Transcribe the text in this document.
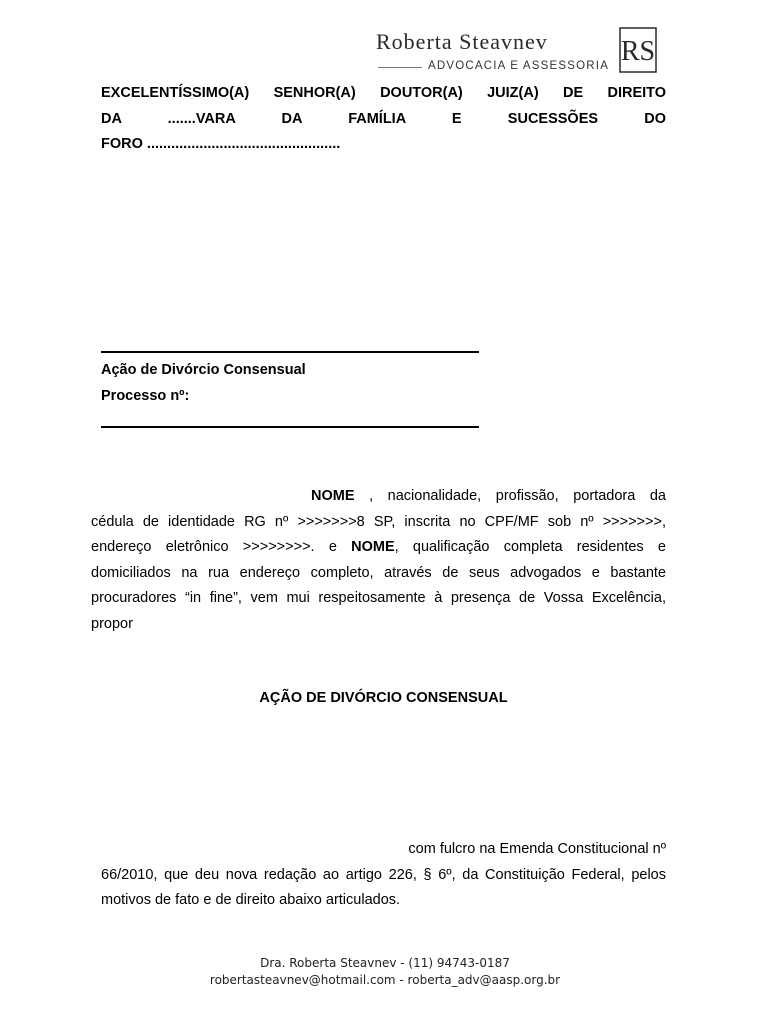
Roberta Steavnev
ADVOCACIA E ASSESSORIA RS
EXCELENTÍSSIMO(A) SENHOR(A) DOUTOR(A) JUIZ(A) DE DIREITO
DA	.......VARA	DA	FAMÍLIA	E	SUCESSÕES	DO
FORO ................................................
Ação de Divórcio Consensual
Processo nº:
NOME , nacionalidade, profissão, portadora da
cédula de identidade RG nº >>>>>>>8 SP, inscrita no CPF/MF sob nº >>>>>>>,
endereço eletrônico >>>>>>>>. e NOME, qualificação completa residentes e
domiciliados na rua endereço completo, através de seus advogados e bastante
procuradores “in fine”, vem mui respeitosamente à presença de Vossa Excelência,
propor
AÇÃO DE DIVÓRCIO CONSENSUAL
com fulcro na Emenda Constitucional nº
66/2010, que deu nova redação ao artigo 226, § 6º, da Constituição Federal, pelos
motivos de fato e de direito abaixo articulados.
Dra. Roberta Steavnev - (11) 94743-0187
robertasteavnev@hotmail.com - roberta_adv@aasp.org.br
